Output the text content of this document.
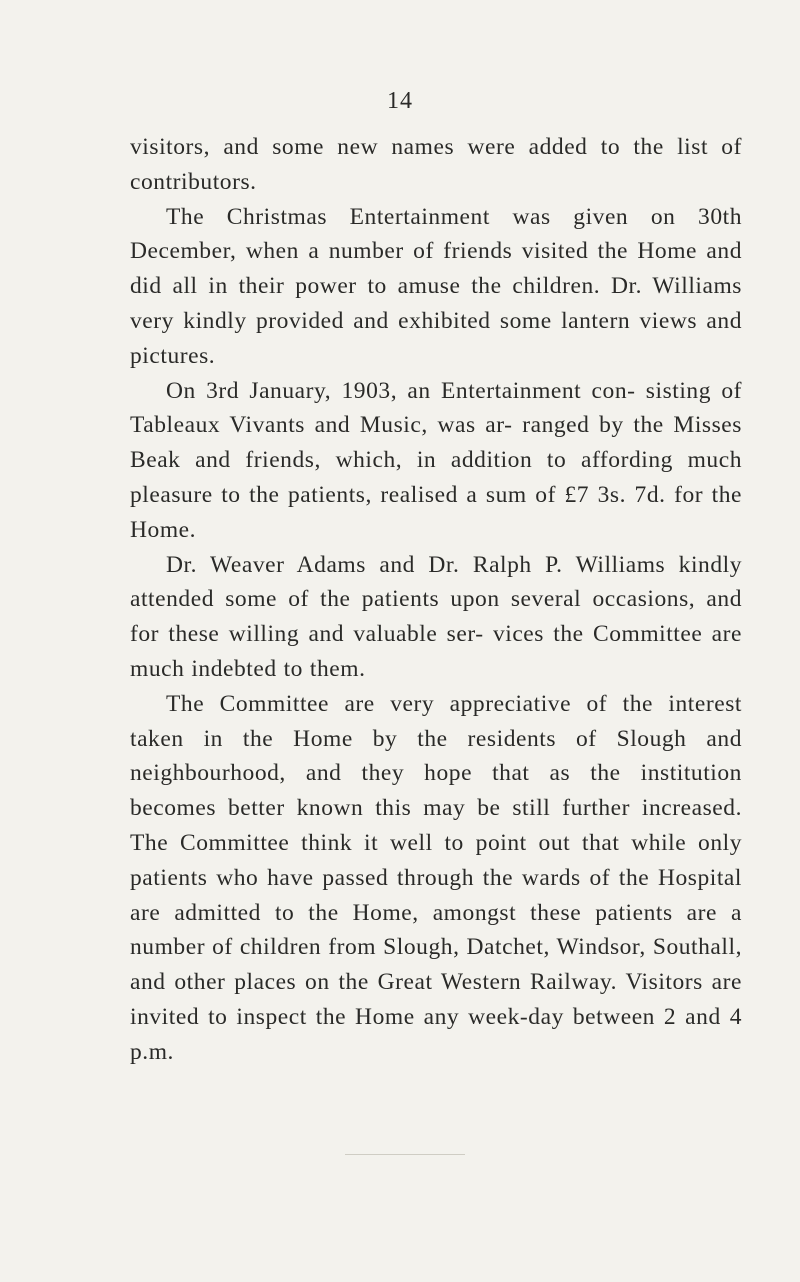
14

visitors, and some new names were added to the list of contributors.

The Christmas Entertainment was given on 30th December, when a number of friends visited the Home and did all in their power to amuse the children. Dr. Williams very kindly provided and exhibited some lantern views and pictures.

On 3rd January, 1903, an Entertainment con- sisting of Tableaux Vivants and Music, was ar- ranged by the Misses Beak and friends, which, in addition to affording much pleasure to the patients, realised a sum of £7 3s. 7d. for the Home.

Dr. Weaver Adams and Dr. Ralph P. Williams kindly attended some of the patients upon several occasions, and for these willing and valuable ser- vices the Committee are much indebted to them.

The Committee are very appreciative of the interest taken in the Home by the residents of Slough and neighbourhood, and they hope that as the institution becomes better known this may be still further increased. The Committee think it well to point out that while only patients who have passed through the wards of the Hospital are admitted to the Home, amongst these patients are a number of children from Slough, Datchet, Windsor, Southall, and other places on the Great Western Railway. Visitors are invited to inspect the Home any week-day between 2 and 4 p.m.
